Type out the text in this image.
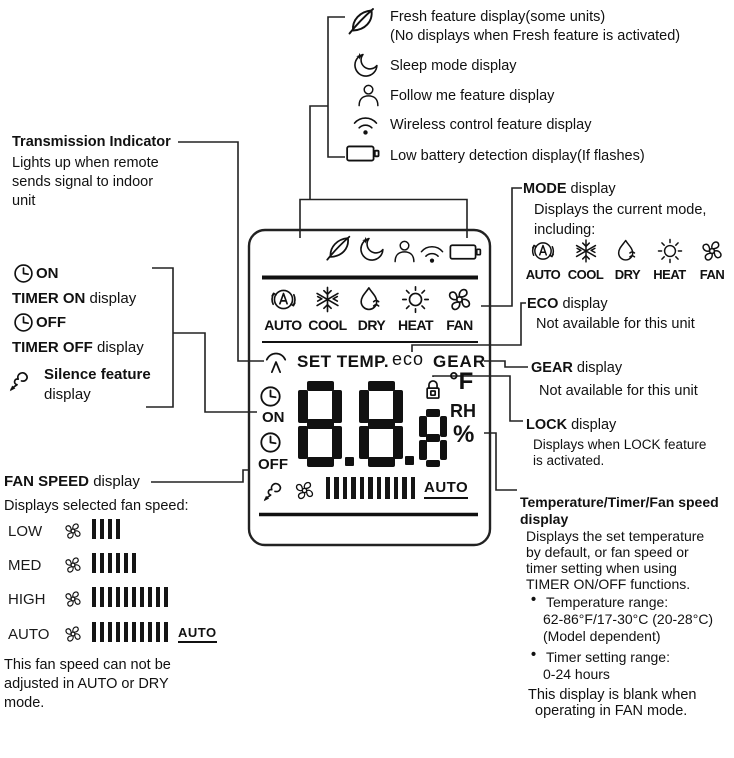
Fresh feature display(some units)
(No displays when Fresh feature is activated)
Sleep mode display
Follow me feature display
Wireless control feature display
Low battery detection display(If flashes)
Transmission Indicator
Lights up when remote
sends signal to indoor
unit
ON
TIMER ON display
OFF
TIMER OFF display
Silence feature
display
FAN SPEED display
Displays selected fan speed:
LOW
MED
HIGH
AUTO	AUTO
This fan speed can not be
adjusted in AUTO or DRY
mode.
MODE display
Displays the current mode,
including:
AUTO COOL DRY HEAT FAN
ECO display
Not available for this unit
GEAR display
Not available for this unit
LOCK display
Displays when LOCK feature
is activated.
Temperature/Timer/Fan speed
display
Displays the set temperature
by default, or fan speed or
timer setting when using
TIMER ON/OFF functions.
• Temperature range:
62-86°F/17-30°C (20-28°C)
(Model dependent)
• Timer setting range:
0-24 hours
This display is blank when
operating in FAN mode.
AUTO COOL DRY HEAT FAN
SET TEMP. eco GEAR
ON
OFF
°F
RH
%
AUTO
